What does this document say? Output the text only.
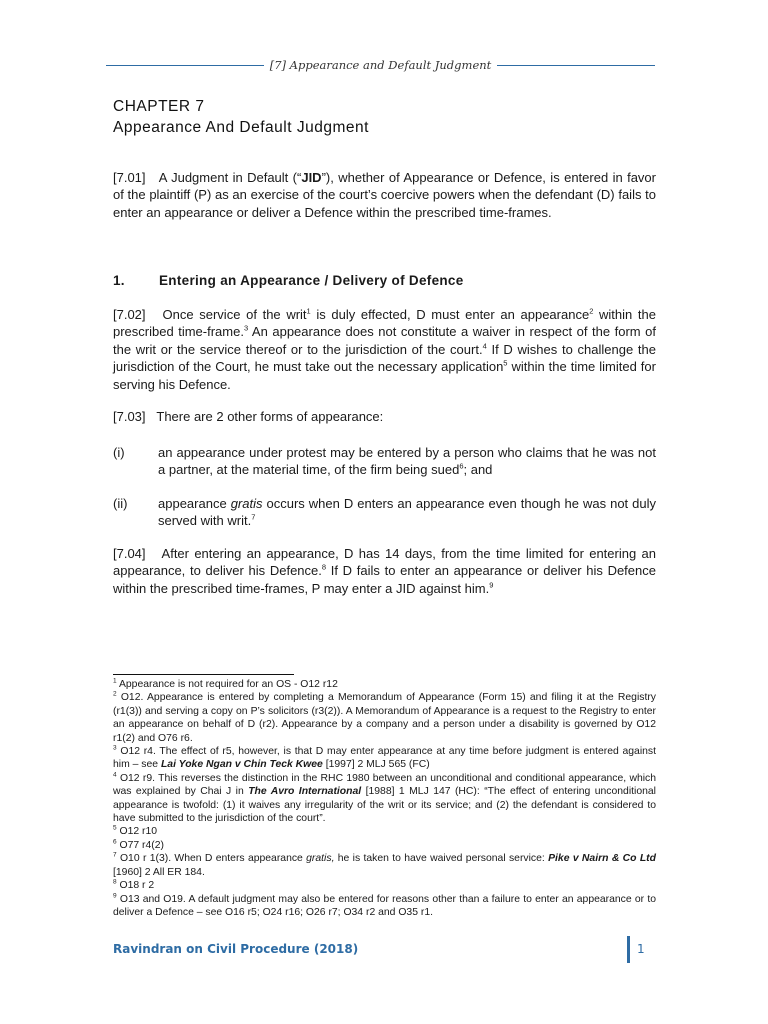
[7] Appearance and Default Judgment
CHAPTER 7
Appearance And Default Judgment
[7.01] A Judgment in Default (“JID”), whether of Appearance or Defence, is entered in favor of the plaintiff (P) as an exercise of the court’s coercive powers when the defendant (D) fails to enter an appearance or deliver a Defence within the prescribed time-frames.
1.	Entering an Appearance / Delivery of Defence
[7.02] Once service of the writ$^1$ is duly effected, D must enter an appearance$^2$ within the prescribed time-frame.$^3$ An appearance does not constitute a waiver in respect of the form of the writ or the service thereof or to the jurisdiction of the court.$^4$ If D wishes to challenge the jurisdiction of the Court, he must take out the necessary application$^5$ within the time limited for serving his Defence.
[7.03] There are 2 other forms of appearance:
(i)	an appearance under protest may be entered by a person who claims that he was not a partner, at the material time, of the firm being sued$^6$; and
(ii)	appearance gratis occurs when D enters an appearance even though he was not duly served with writ.$^7$
[7.04] After entering an appearance, D has 14 days, from the time limited for entering an appearance, to deliver his Defence.$^8$ If D fails to enter an appearance or deliver his Defence within the prescribed time-frames, P may enter a JID against him.$^9$

$^1$ Appearance is not required for an OS - O12 r12

$^2$ O12. Appearance is entered by completing a Memorandum of Appearance (Form 15) and filing it at the Registry (r1(3)) and serving a copy on P’s solicitors (r3(2)). A Memorandum of Appearance is a request to the Registry to enter an appearance on behalf of D (r2). Appearance by a company and a person under a disability is governed by O12 r1(2) and O76 r6.

$^3$ O12 r4. The effect of r5, however, is that D may enter appearance at any time before judgment is entered against him – see Lai Yoke Ngan v Chin Teck Kwee [1997] 2 MLJ 565 (FC)

$^4$ O12 r9. This reverses the distinction in the RHC 1980 between an unconditional and conditional appearance, which was explained by Chai J in The Avro International [1988] 1 MLJ 147 (HC): “The effect of entering unconditional appearance is twofold: (1) it waives any irregularity of the writ or its service; and (2) the defendant is considered to have submitted to the jurisdiction of the court”.

$^5$ O12 r10

$^6$ O77 r4(2)

$^7$ O10 r 1(3). When D enters appearance gratis, he is taken to have waived personal service: Pike v Nairn & Co Ltd [1960] 2 All ER 184.

$^8$ O18 r 2

$^9$ O13 and O19. A default judgment may also be entered for reasons other than a failure to enter an appearance or to deliver a Defence – see O16 r5; O24 r16; O26 r7; O34 r2 and O35 r1.

Ravindran on Civil Procedure (2018)	1
